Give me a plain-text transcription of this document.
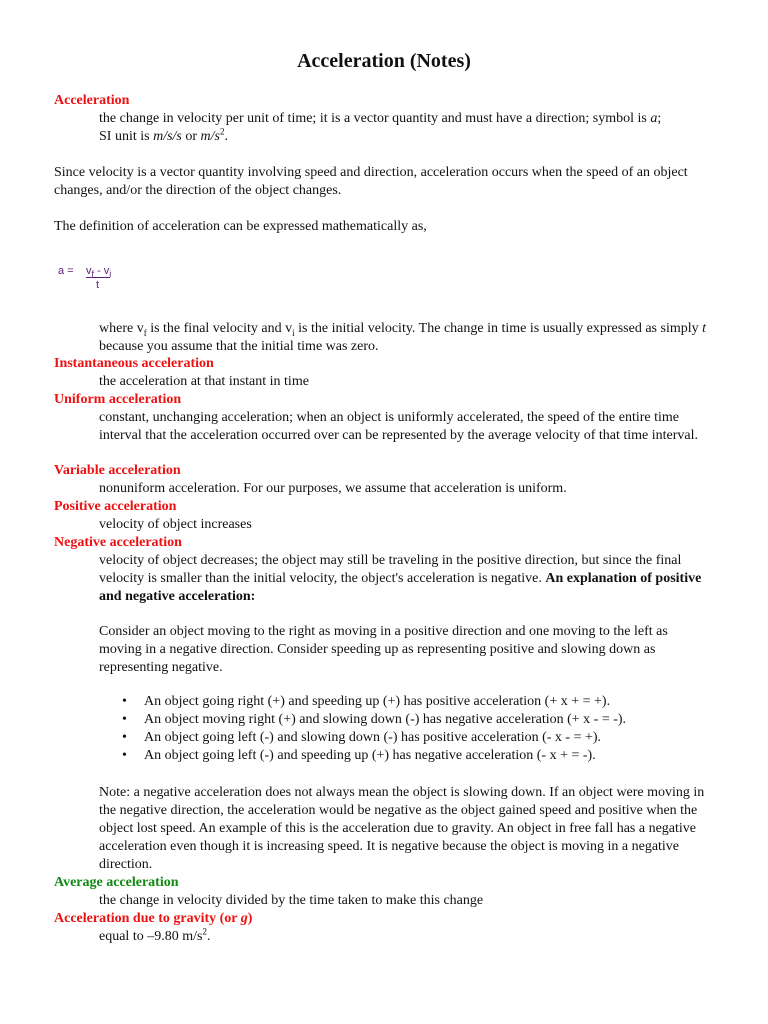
Acceleration (Notes)
Acceleration
the change in velocity per unit of time; it is a vector quantity and must have a direction; symbol is a;
SI unit is m/s/s or $m/s^2$.
Since velocity is a vector quantity involving speed and direction, acceleration occurs when the speed of an object changes, and/or the direction of the object changes.
The definition of acceleration can be expressed mathematically as,
$a = v_f - v_i$
t
where $v_f$ is the final velocity and $v_i$ is the initial velocity. The change in time is usually expressed as simply t because you assume that the initial time was zero.
Instantaneous acceleration
the acceleration at that instant in time
Uniform acceleration
constant, unchanging acceleration; when an object is uniformly accelerated, the speed of the entire time interval that the acceleration occurred over can be represented by the average velocity of that time interval.
Variable acceleration
nonuniform acceleration. For our purposes, we assume that acceleration is uniform.
Positive acceleration
velocity of object increases
Negative acceleration
velocity of object decreases; the object may still be traveling in the positive direction, but since the final velocity is smaller than the initial velocity, the object's acceleration is negative. An explanation of positive and negative acceleration:
Consider an object moving to the right as moving in a positive direction and one moving to the left as moving in a negative direction. Consider speeding up as representing positive and slowing down as representing negative.
• An object going right (+) and speeding up (+) has positive acceleration (+ x + = +).
• An object moving right (+) and slowing down (-) has negative acceleration (+ x - = -).
• An object going left (-) and slowing down (-) has positive acceleration (- x - = +).
• An object going left (-) and speeding up (+) has negative acceleration (- x + = -).
Note: a negative acceleration does not always mean the object is slowing down. If an object were moving in the negative direction, the acceleration would be negative as the object gained speed and positive when the object lost speed. An example of this is the acceleration due to gravity. An object in free fall has a negative acceleration even though it is increasing speed. It is negative because the object is moving in a negative direction.
Average acceleration
the change in velocity divided by the time taken to make this change
Acceleration due to gravity (or g)
equal to –9.80 $m/s^2$.
